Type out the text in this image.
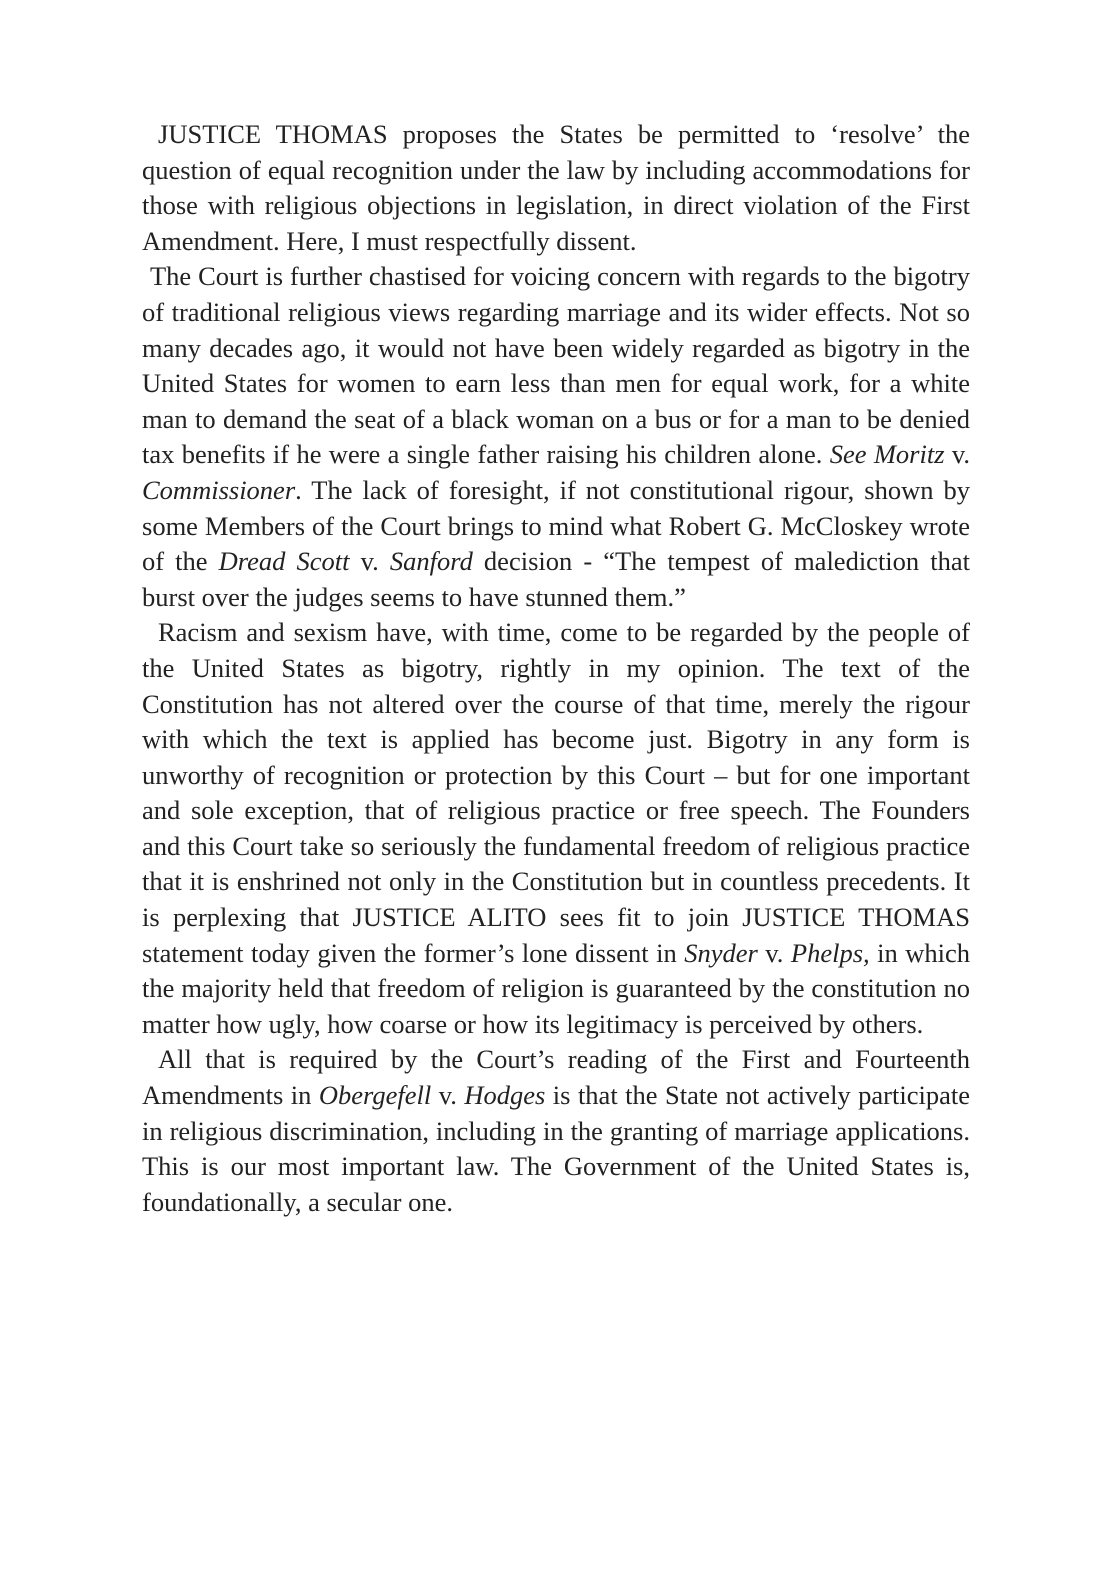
JUSTICE THOMAS proposes the States be permitted to ‘resolve’ the question of equal recognition under the law by including accommodations for those with religious objections in legislation, in direct violation of the First Amendment. Here, I must respectfully dissent.

The Court is further chastised for voicing concern with regards to the bigotry of traditional religious views regarding marriage and its wider effects. Not so many decades ago, it would not have been widely regarded as bigotry in the United States for women to earn less than men for equal work, for a white man to demand the seat of a black woman on a bus or for a man to be denied tax benefits if he were a single father raising his children alone. See Moritz v. Commissioner. The lack of foresight, if not constitutional rigour, shown by some Members of the Court brings to mind what Robert G. McCloskey wrote of the Dread Scott v. Sanford decision - “The tempest of malediction that burst over the judges seems to have stunned them.”

Racism and sexism have, with time, come to be regarded by the people of the United States as bigotry, rightly in my opinion. The text of the Constitution has not altered over the course of that time, merely the rigour with which the text is applied has become just. Bigotry in any form is unworthy of recognition or protection by this Court – but for one important and sole exception, that of religious practice or free speech. The Founders and this Court take so seriously the fundamental freedom of religious practice that it is enshrined not only in the Constitution but in countless precedents. It is perplexing that JUSTICE ALITO sees fit to join JUSTICE THOMAS statement today given the former’s lone dissent in Snyder v. Phelps, in which the majority held that freedom of religion is guaranteed by the constitution no matter how ugly, how coarse or how its legitimacy is perceived by others.

All that is required by the Court’s reading of the First and Fourteenth Amendments in Obergefell v. Hodges is that the State not actively participate in religious discrimination, including in the granting of marriage applications. This is our most important law. The Government of the United States is, foundationally, a secular one.
